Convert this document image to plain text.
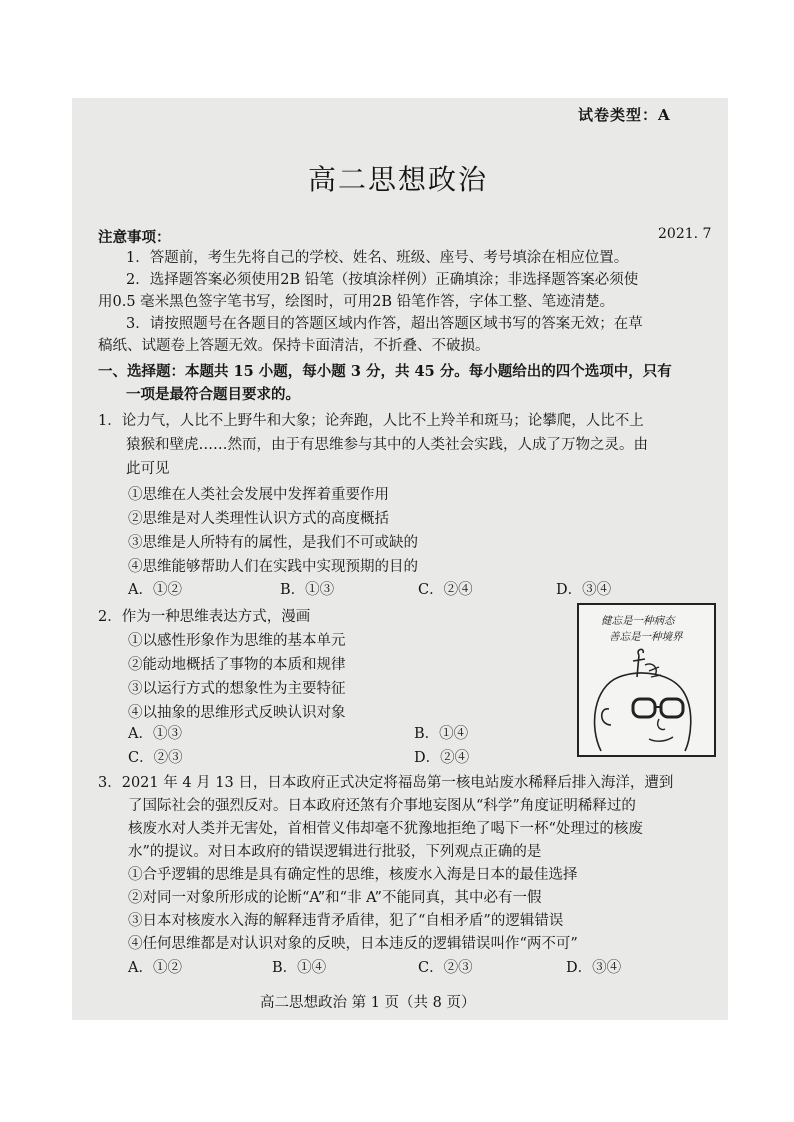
试卷类型：A
高二思想政治
2021. 7
注意事项：
1．答题前，考生先将自己的学校、姓名、班级、座号、考号填涂在相应位置。
2．选择题答案必须使用2B 铅笔（按填涂样例）正确填涂；非选择题答案必须使
用0.5 毫米黑色签字笔书写，绘图时，可用2B 铅笔作答，字体工整、笔迹清楚。
3．请按照题号在各题目的答题区域内作答，超出答题区域书写的答案无效；在草
稿纸、试题卷上答题无效。保持卡面清洁，不折叠、不破损。
一、选择题：本题共 15 小题，每小题 3 分，共 45 分。每小题给出的四个选项中，只有
一项是最符合题目要求的。
1．论力气，人比不上野牛和大象；论奔跑，人比不上羚羊和斑马；论攀爬，人比不上
猿猴和壁虎……然而，由于有思维参与其中的人类社会实践，人成了万物之灵。由
此可见
①思维在人类社会发展中发挥着重要作用
②思维是对人类理性认识方式的高度概括
③思维是人所特有的属性，是我们不可或缺的
④思维能够帮助人们在实践中实现预期的目的
A．①②	B．①③	C．②④	D．③④
2．作为一种思维表达方式，漫画
①以感性形象作为思维的基本单元
②能动地概括了事物的本质和规律
③以运行方式的想象性为主要特征
④以抽象的思维形式反映认识对象
A．①③	B．①④
C．②③	D．②④
健忘是一种病态
善忘是一种境界
3．2021 年 4 月 13 日，日本政府正式决定将福岛第一核电站废水稀释后排入海洋，遭到
了国际社会的强烈反对。日本政府还煞有介事地妄图从“科学”角度证明稀释过的
核废水对人类并无害处，首相菅义伟却毫不犹豫地拒绝了喝下一杯“处理过的核废
水”的提议。对日本政府的错误逻辑进行批驳，下列观点正确的是
①合乎逻辑的思维是具有确定性的思维，核废水入海是日本的最佳选择
②对同一对象所形成的论断“A”和“非 A”不能同真，其中必有一假
③日本对核废水入海的解释违背矛盾律，犯了“自相矛盾”的逻辑错误
④任何思维都是对认识对象的反映，日本违反的逻辑错误叫作“两不可”
A．①②	B．①④	C．②③	D．③④
高二思想政治 第 1 页（共 8 页）
